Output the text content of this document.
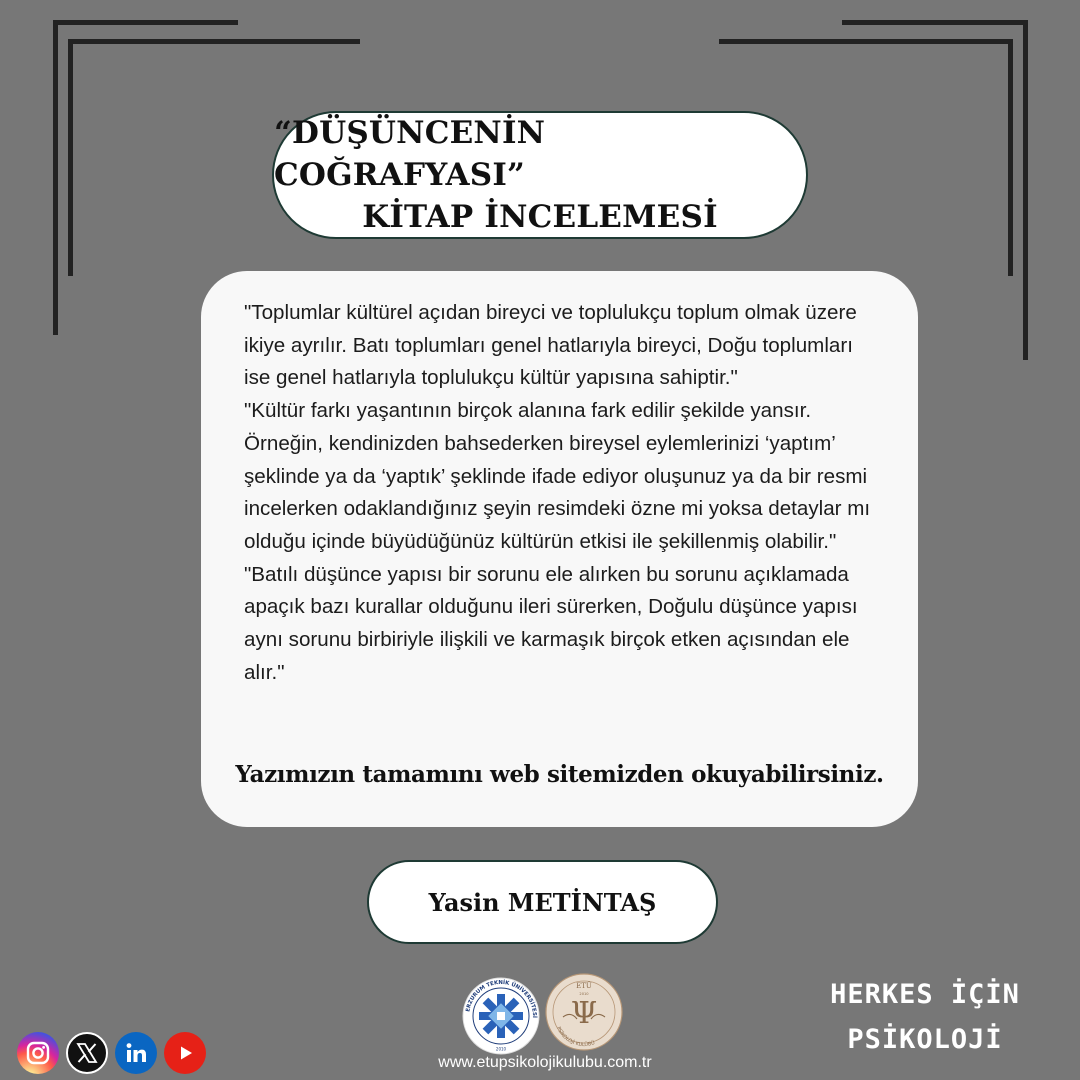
“DÜŞÜNCENİN COĞRAFYASI”
KİTAP İNCELEMESİ

"Toplumlar kültürel açıdan bireyci ve toplulukçu toplum olmak üzere ikiye ayrılır. Batı toplumları genel hatlarıyla bireyci, Doğu toplumları ise genel hatlarıyla toplulukçu kültür yapısına sahiptir."

"Kültür farkı yaşantının birçok alanına fark edilir şekilde yansır. Örneğin, kendinizden bahsederken bireysel eylemlerinizi ‘yaptım’ şeklinde ya da ‘yaptık’ şeklinde ifade ediyor oluşunuz ya da bir resmi incelerken odaklandığınız şeyin resimdeki özne mi yoksa detaylar mı olduğu içinde büyüdüğünüz kültürün etkisi ile şekillenmiş olabilir."

"Batılı düşünce yapısı bir sorunu ele alırken bu sorunu açıklamada apaçık bazı kurallar olduğunu ileri sürerken, Doğulu düşünce yapısı aynı sorunu birbiriyle ilişkili ve karmaşık birçok etken açısından ele alır."

Yazımızın tamamını web sitemizden okuyabilirsiniz.
Yasin METİNTAŞ
ERZURUM TEKNİK ÜNİVERSİTESİ
2010
ETÜ
2010
Ψ
PSİKOLOJİ KULÜBÜ
www.etupsikolojikulubu.com.tr
HERKES İÇİN
PSİKOLOJİ
